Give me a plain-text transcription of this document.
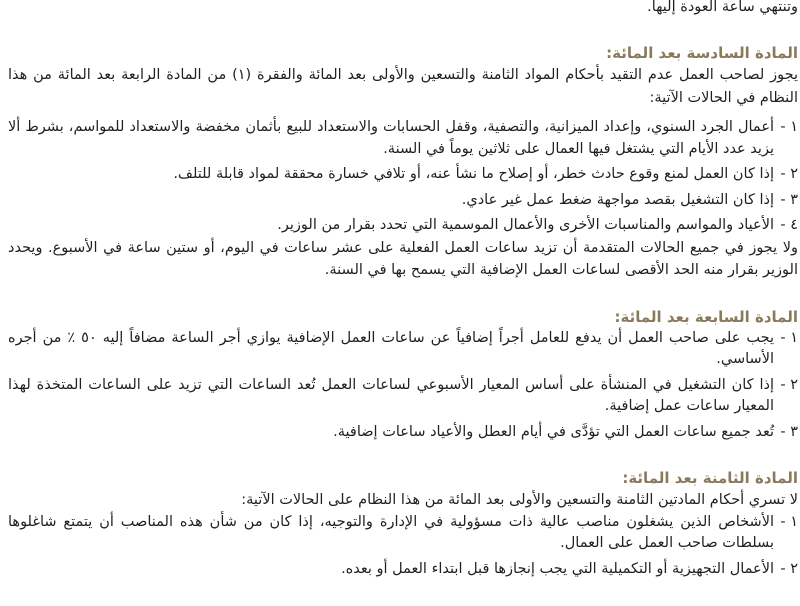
وتنتهي ساعة العودة إليها.

المادة السادسة بعد المائة:

يجوز لصاحب العمل عدم التقيد بأحكام المواد الثامنة والتسعين والأولى بعد المائة والفقرة (١) من المادة الرابعة بعد المائة من هذا النظام في الحالات الآتية:

١ -
أعمال الجرد السنوي، وإعداد الميزانية، والتصفية، وقفل الحسابات والاستعداد للبيع بأثمان مخفضة والاستعداد للمواسم، بشرط ألا يزيد عدد الأيام التي يشتغل فيها العمال على ثلاثين يوماً في السنة.
٢ -
إذا كان العمل لمنع وقوع حادث خطر، أو إصلاح ما نشأ عنه، أو تلافي خسارة محققة لمواد قابلة للتلف.
٣ -
إذا كان التشغيل بقصد مواجهة ضغط عمل غير عادي.
٤ -
الأعياد والمواسم والمناسبات الأخرى والأعمال الموسمية التي تحدد بقرار من الوزير.

ولا يجوز في جميع الحالات المتقدمة أن تزيد ساعات العمل الفعلية على عشر ساعات في اليوم، أو ستين ساعة في الأسبوع. ويحدد الوزير بقرار منه الحد الأقصى لساعات العمل الإضافية التي يسمح بها في السنة.

المادة السابعة بعد المائة:
١ -
يجب على صاحب العمل أن يدفع للعامل أجراً إضافياً عن ساعات العمل الإضافية يوازي أجر الساعة مضافاً إليه ٥٠ ٪ من أجره الأساسي.
٢ -
إذا كان التشغيل في المنشأة على أساس المعيار الأسبوعي لساعات العمل تُعد الساعات التي تزيد على الساعات المتخذة لهذا المعيار ساعات عمل إضافية.
٣ -
تُعد جميع ساعات العمل التي تؤدَّى في أيام العطل والأعياد ساعات إضافية.
المادة الثامنة بعد المائة:

لا تسري أحكام المادتين الثامنة والتسعين والأولى بعد المائة من هذا النظام على الحالات الآتية:

١ -
الأشخاص الذين يشغلون مناصب عالية ذات مسؤولية في الإدارة والتوجيه، إذا كان من شأن هذه المناصب أن يتمتع شاغلوها بسلطات صاحب العمل على العمال.
٢ -
الأعمال التجهيزية أو التكميلية التي يجب إنجازها قبل ابتداء العمل أو بعده.
